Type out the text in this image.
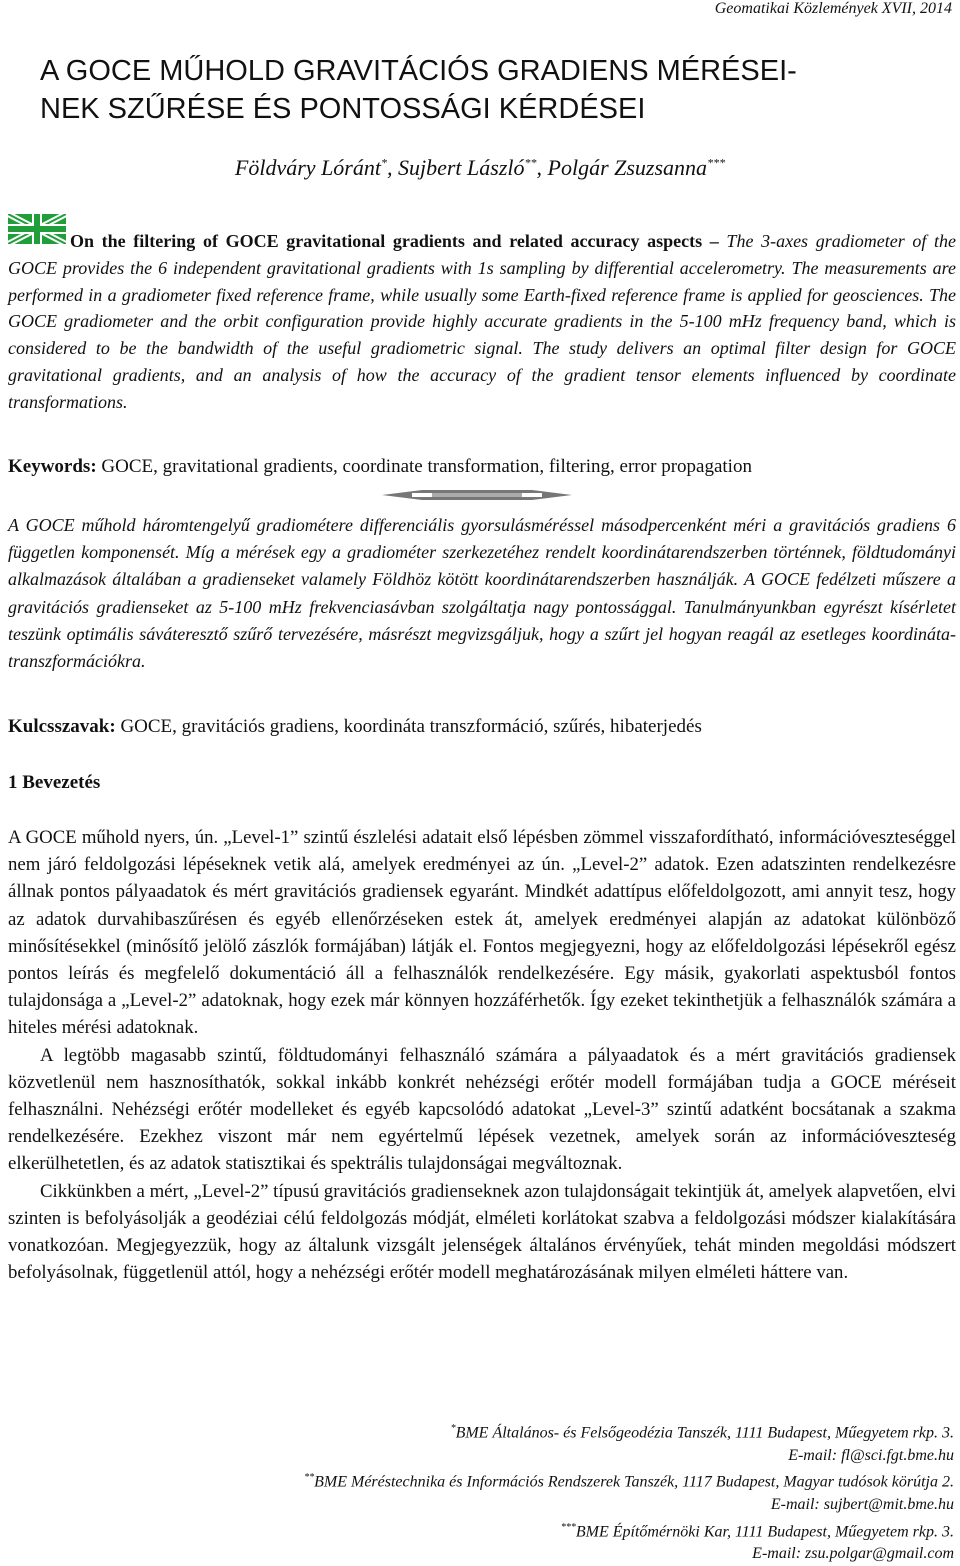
Geomatikai Közlemények XVII, 2014
A GOCE MŰHOLD GRAVITÁCIÓS GRADIENS MÉRÉSEI-
NEK SZŰRÉSE ÉS PONTOSSÁGI KÉRDÉSEI
Földváry Lóránt*, Sujbert László**, Polgár Zsuzsanna***
On the filtering of GOCE gravitational gradients and related accuracy aspects – The 3-axes gradiometer of the GOCE provides the 6 independent gravitational gradients with 1s sampling by differential accelerometry. The measurements are performed in a gradiometer fixed reference frame, while usually some Earth-fixed reference frame is applied for geosciences. The GOCE gradiometer and the orbit configuration provide highly accurate gradients in the 5-100 mHz frequency band, which is considered to be the bandwidth of the useful gradiometric signal. The study delivers an optimal filter design for GOCE gravitational gradients, and an analysis of how the accuracy of the gradient tensor elements influenced by coordinate transformations.
Keywords: GOCE, gravitational gradients, coordinate transformation, filtering, error propagation
A GOCE műhold háromtengelyű gradiométere differenciális gyorsulásméréssel másodpercenként méri a gravitációs gradiens 6 független komponensét. Míg a mérések egy a gradiométer szerkezetéhez rendelt koordinátarendszerben történnek, földtudományi alkalmazások általában a gradienseket valamely Földhöz kötött koordinátarendszerben használják. A GOCE fedélzeti műszere a gravitációs gradienseket az 5-100 mHz frekvenciasávban szolgáltatja nagy pontossággal. Tanulmányunkban egyrészt kísérletet teszünk optimális sáváteresztő szűrő tervezésére, másrészt megvizsgáljuk, hogy a szűrt jel hogyan reagál az esetleges koordináta-transzformációkra.
Kulcsszavak: GOCE, gravitációs gradiens, koordináta transzformáció, szűrés, hibaterjedés
1 Bevezetés

A GOCE műhold nyers, ún. „Level-1” szintű észlelési adatait első lépésben zömmel visszafordítható, információveszteséggel nem járó feldolgozási lépéseknek vetik alá, amelyek eredményei az ún. „Level-2” adatok. Ezen adatszinten rendelkezésre állnak pontos pályaadatok és mért gravitációs gradiensek egyaránt. Mindkét adattípus előfeldolgozott, ami annyit tesz, hogy az adatok durvahibaszűrésen és egyéb ellenőrzéseken estek át, amelyek eredményei alapján az adatokat különböző minősítésekkel (minősítő jelölő zászlók formájában) látják el. Fontos megjegyezni, hogy az előfeldolgozási lépésekről egész pontos leírás és megfelelő dokumentáció áll a felhasználók rendelkezésére. Egy másik, gyakorlati aspektusból fontos tulajdonsága a „Level-2” adatoknak, hogy ezek már könnyen hozzáférhetők. Így ezeket tekinthetjük a felhasználók számára a hiteles mérési adatoknak.

A legtöbb magasabb szintű, földtudományi felhasználó számára a pályaadatok és a mért gravitációs gradiensek közvetlenül nem hasznosíthatók, sokkal inkább konkrét nehézségi erőtér modell formájában tudja a GOCE méréseit felhasználni. Nehézségi erőtér modelleket és egyéb kapcsolódó adatokat „Level-3” szintű adatként bocsátanak a szakma rendelkezésére. Ezekhez viszont már nem egyértelmű lépések vezetnek, amelyek során az információveszteség elkerülhetetlen, és az adatok statisztikai és spektrális tulajdonságai megváltoznak.

Cikkünkben a mért, „Level-2” típusú gravitációs gradienseknek azon tulajdonságait tekintjük át, amelyek alapvetően, elvi szinten is befolyásolják a geodéziai célú feldolgozás módját, elméleti korlátokat szabva a feldolgozási módszer kialakítására vonatkozóan. Megjegyezzük, hogy az általunk vizsgált jelenségek általános érvényűek, tehát minden megoldási módszert befolyásolnak, függetlenül attól, hogy a nehézségi erőtér modell meghatározásának milyen elméleti háttere van.

*BME Általános- és Felsőgeodézia Tanszék, 1111 Budapest, Műegyetem rkp. 3.
E-mail: fl@sci.fgt.bme.hu
**BME Méréstechnika és Információs Rendszerek Tanszék, 1117 Budapest, Magyar tudósok körútja 2.
E-mail: sujbert@mit.bme.hu
***BME Építőmérnöki Kar, 1111 Budapest, Műegyetem rkp. 3.
E-mail: zsu.polgar@gmail.com
